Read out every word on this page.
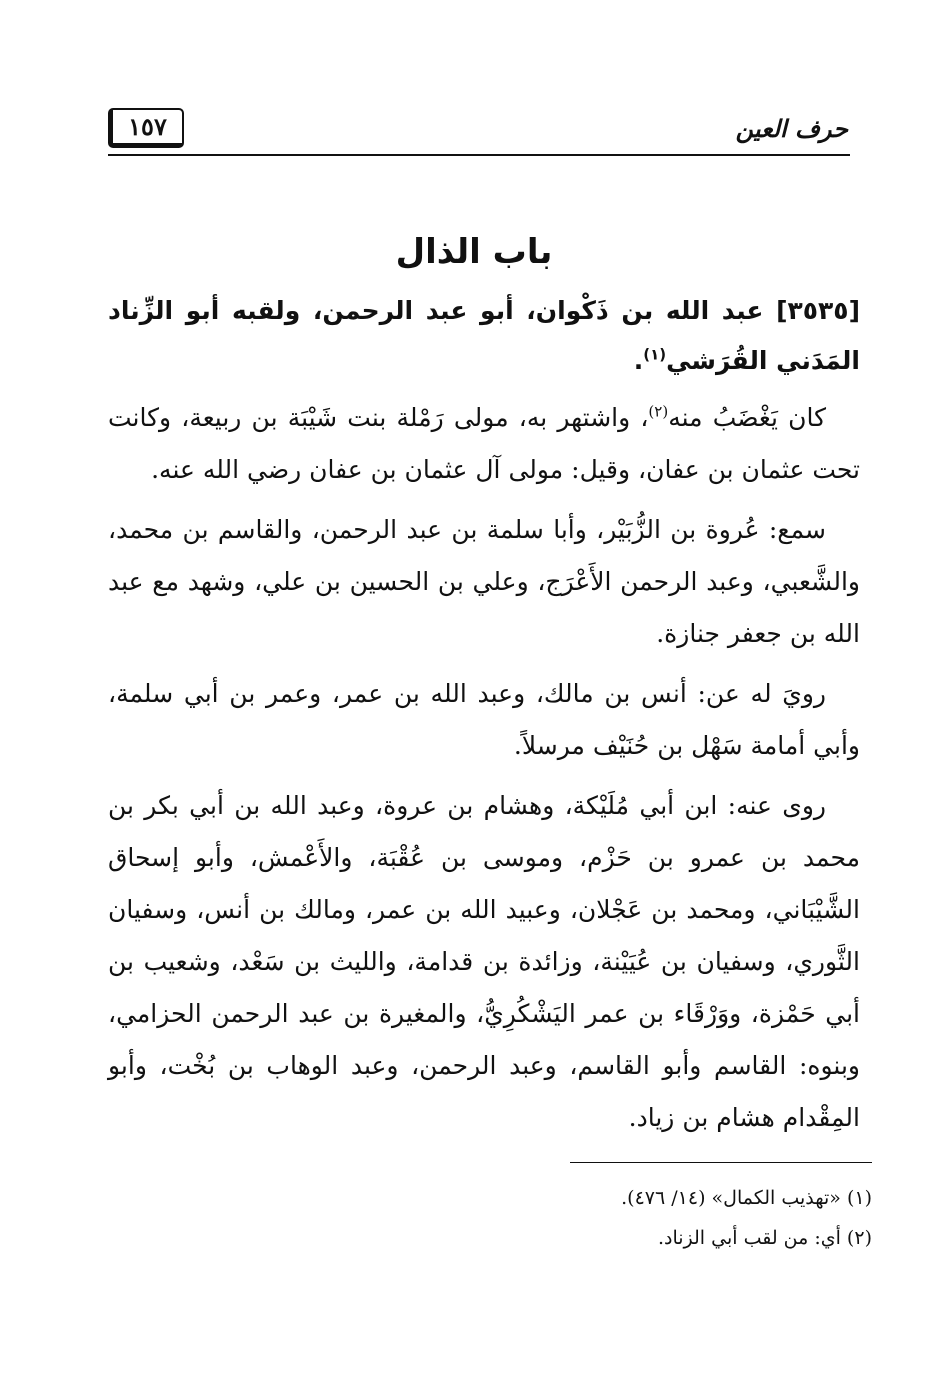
حرف العين
١٥٧
باب الذال

[٣٥٣٥] عبد الله بن ذَكْوان، أبو عبد الرحمن، ولقبه أبو الزِّناد المَدَني القُرَشي$^{(١)}$.

كان يَغْضَبُ منه$^{(٢)}$، واشتهر به، مولى رَمْلة بنت شَيْبَة بن ربيعة، وكانت تحت عثمان بن عفان، وقيل: مولى آل عثمان بن عفان رضي الله عنه.

سمع: عُروة بن الزُّبَيْر، وأبا سلمة بن عبد الرحمن، والقاسم بن محمد، والشَّعبي، وعبد الرحمن الأَعْرَج، وعلي بن الحسين بن علي، وشهد مع عبد الله بن جعفر جنازة.

رويَ له عن: أنس بن مالك، وعبد الله بن عمر، وعمر بن أبي سلمة، وأبي أمامة سَهْل بن حُنَيْف مرسلاً.

روى عنه: ابن أبي مُلَيْكة، وهشام بن عروة، وعبد الله بن أبي بكر بن محمد بن عمرو بن حَزْم، وموسى بن عُقْبَة، والأَعْمش، وأبو إسحاق الشَّيْبَاني، ومحمد بن عَجْلان، وعبيد الله بن عمر، ومالك بن أنس، وسفيان الثَّوري، وسفيان بن عُيَيْنة، وزائدة بن قدامة، والليث بن سَعْد، وشعيب بن أبي حَمْزة، ووَرْقَاء بن عمر اليَشْكُرِيُّ، والمغيرة بن عبد الرحمن الحزامي، وبنوه: القاسم وأبو القاسم، وعبد الرحمن، وعبد الوهاب بن بُخْت، وأبو المِقْدام هشام بن زياد.

(١) «تهذيب الكمال» (١٤/ ٤٧٦).

(٢) أي: من لقب أبي الزناد.
